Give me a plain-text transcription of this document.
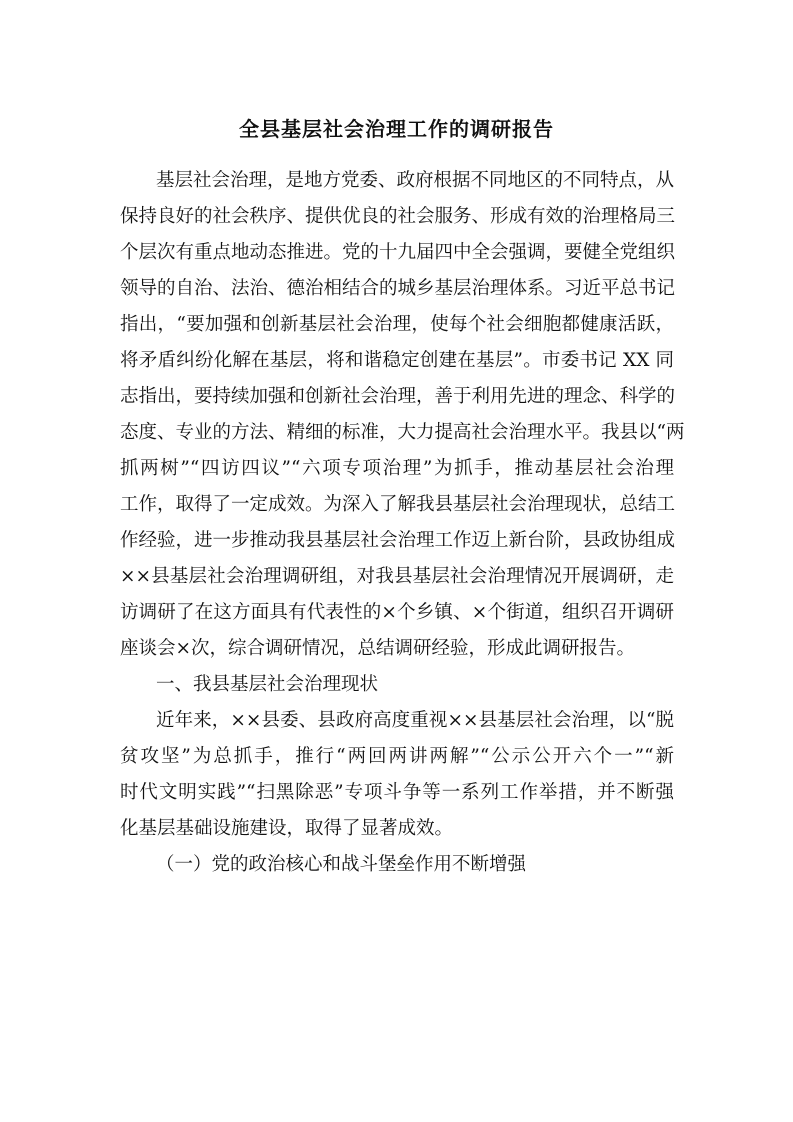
全县基层社会治理工作的调研报告
基层社会治理，是地方党委、政府根据不同地区的不同特点，从
保持良好的社会秩序、提供优良的社会服务、形成有效的治理格局三
个层次有重点地动态推进。党的十九届四中全会强调，要健全党组织
领导的自治、法治、德治相结合的城乡基层治理体系。习近平总书记
指出，“要加强和创新基层社会治理，使每个社会细胞都健康活跃，
将矛盾纠纷化解在基层，将和谐稳定创建在基层”。市委书记 XX 同
志指出，要持续加强和创新社会治理，善于利用先进的理念、科学的
态度、专业的方法、精细的标准，大力提高社会治理水平。我县以“两
抓两树”“四访四议”“六项专项治理”为抓手，推动基层社会治理
工作，取得了一定成效。为深入了解我县基层社会治理现状，总结工
作经验，进一步推动我县基层社会治理工作迈上新台阶，县政协组成
××县基层社会治理调研组，对我县基层社会治理情况开展调研，走
访调研了在这方面具有代表性的×个乡镇、×个街道，组织召开调研
座谈会×次，综合调研情况，总结调研经验，形成此调研报告。
一、我县基层社会治理现状
近年来，××县委、县政府高度重视××县基层社会治理，以“脱
贫攻坚”为总抓手，推行“两回两讲两解”“公示公开六个一”“新
时代文明实践”“扫黑除恶”专项斗争等一系列工作举措，并不断强
化基层基础设施建设，取得了显著成效。
（一）党的政治核心和战斗堡垒作用不断增强
